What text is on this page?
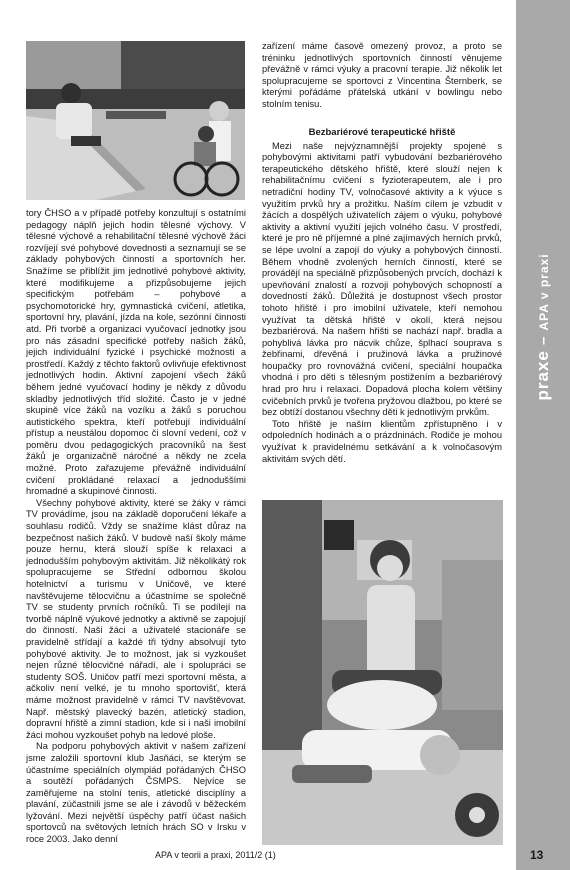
tory ČHSO a v případě potřeby konzultují s ostatními pedagogy náplň jejich hodin tělesné výchovy. V tělesné výchově a rehabilitační tělesné výchově žáci rozvíjejí své pohybové dovednosti a seznamují se se základy pohybových činností a sportovních her. Snažíme se přiblížit jim jednotlivé pohybové aktivity, které modifikujeme a přizpůsobujeme jejich specifickým potřebám – pohybové a psychomotorické hry, gymnastická cvičení, atletika, sportovní hry, plavání, jízda na kole, sezónní činnosti atd. Při tvorbě a organizaci vyučovací jednotky jsou pro nás zásadní specifické potřeby našich žáků, jejich individuální fyzické i psychické možnosti a prostředí. Každý z těchto faktorů ovlivňuje efektivnost jednotlivých hodin. Aktivní zapojení všech žáků během jedné vyučovací hodiny je někdy z důvodu skladby jednotlivých tříd složité. Často je v jedné skupině více žáků na vozíku a žáků s poruchou autistického spektra, kteří potřebují individuální přístup a neustálou dopomoc či slovní vedení, což v poměru dvou pedagogických pracovníků na šest žáků je organizačně náročné a někdy ne zcela možné. Proto zařazujeme převážně individuální cvičení prokládané relaxací a jednoduššími hromadné a skupinové činnosti.

Všechny pohybové aktivity, které se žáky v rámci TV provádíme, jsou na základě doporučení lékaře a souhlasu rodičů. Vždy se snažíme klást důraz na bezpečnost našich žáků. V budově naší školy máme pouze hernu, která slouží spíše k relaxaci a jednodušším pohybovým aktivitám. Již několikátý rok spolupracujeme se Střední odbornou školou hotelnictví a turismu v Uničově, ve které navštěvujeme tělocvičnu a účastníme se společně TV se studenty prvních ročníků. Ti se podílejí na tvorbě náplně výukové jednotky a aktivně se zapojují do činností. Naši žáci a uživatelé stacionáře se pravidelně střídají a každé tři týdny absolvují tyto pohybové aktivity. Je to možnost, jak si vyzkoušet nejen různé tělocvičné nářadí, ale i spolupráci se studenty SOŠ. Uničov patří mezi sportovní města, a ačkoliv není velké, je tu mnoho sportovišť, která máme možnost pravidelně v rámci TV navštěvovat. Např. městský plavecký bazén, atletický stadion, dopravní hřiště a zimní stadion, kde si i naši imobilní žáci mohou vyzkoušet pohyb na ledové ploše.

Na podporu pohybových aktivit v našem zařízení jsme založili sportovní klub Jasňáci, se kterým se účastníme speciálních olympiád pořádaných ČHSO a soutěží pořádaných ČSMPS. Nejvíce se zaměřujeme na stolní tenis, atletické disciplíny a plavání, zúčastnili jsme se ale i závodů v běžeckém lyžování. Mezi největší úspěchy patří účast našich sportovců na světových letních hrách SO v Irsku v roce 2003. Jako denní

zařízení máme časově omezený provoz, a proto se tréninku jednotlivých sportovních činností věnujeme převážně v rámci výuky a pracovní terapie. Již několik let spolupracujeme se sportovci z Vincentina Šternberk, se kterými pořádáme přátelská utkání v bowlingu nebo stolním tenisu.

Bezbariérové terapeutické hřiště

Mezi naše nejvýznamnější projekty spojené s pohybovými aktivitami patří vybudování bezbariérového terapeutického dětského hřiště, které slouží nejen k rehabilitačnímu cvičení s fyzioterapeutem, ale i pro netradiční hodiny TV, volnočasové aktivity a k výuce s využitím prvků hry a prožitku. Naším cílem je vzbudit v žácích a dospělých uživatelích zájem o výuku, pohybové aktivity a aktivní využití jejich volného času. V prostředí, které je pro ně příjemné a plné zajímavých herních prvků, se lépe uvolní a zapojí do výuky a pohybových činností. Během vhodně zvolených herních činností, které se provádějí na speciálně přizpůsobených prvcích, dochází k upevňování znalostí a rozvoji pohybových schopností a dovedností žáků. Důležitá je dostupnost všech prostor tohoto hřiště i pro imobilní uživatele, kteří nemohou využívat ta dětská hřiště v okolí, která nejsou bezbariérová. Na našem hřišti se nachází např. bradla a pohyblivá lávka pro nácvik chůze, šplhací souprava s žebřinami, dřevěná i pružinová lávka a pružinové houpačky pro rovnovážná cvičení, speciální houpačka vhodná i pro děti s tělesným postižením a bezbariérový hrad pro hru i relaxaci. Dopadová plocha kolem většiny cvičebních prvků je tvořena pryžovou dlažbou, po které se bez obtíží dostanou všechny děti k jednotlivým prvkům.

Toto hřiště je naším klientům zpřístupněno i v odpoledních hodinách a o prázdninách. Rodiče je mohou využívat k pravidelnému setkávání a k volnočasovým aktivitám svých dětí.

praxe – APA v praxi
APA v teorii a praxi, 2011/2 (1)	13
